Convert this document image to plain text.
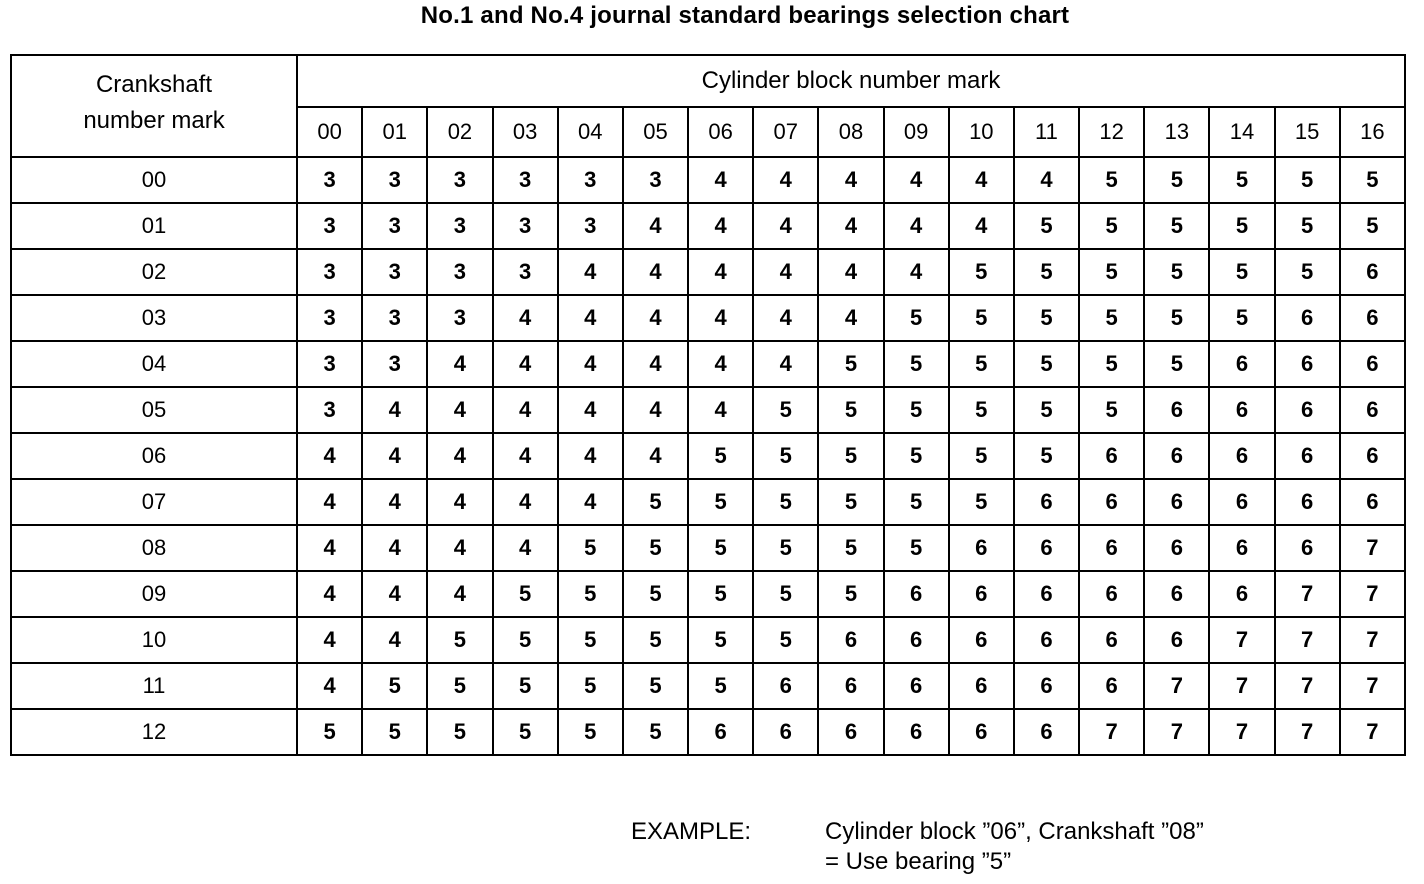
No.1 and No.4 journal standard bearings selection chart
Crankshaft
number mark	Cylinder block number mark																
	00	01	02	03	04	05	06	07	08	09	10	11	12	13	14	15	16
00	3	3	3	3	3	3	4	4	4	4	4	4	5	5	5	5	5
01	3	3	3	3	3	4	4	4	4	4	4	5	5	5	5	5	5
02	3	3	3	3	4	4	4	4	4	4	5	5	5	5	5	5	6
03	3	3	3	4	4	4	4	4	4	5	5	5	5	5	5	6	6
04	3	3	4	4	4	4	4	4	5	5	5	5	5	5	6	6	6
05	3	4	4	4	4	4	4	5	5	5	5	5	5	6	6	6	6
06	4	4	4	4	4	4	5	5	5	5	5	5	6	6	6	6	6
07	4	4	4	4	4	5	5	5	5	5	5	6	6	6	6	6	6
08	4	4	4	4	5	5	5	5	5	5	6	6	6	6	6	6	7
09	4	4	4	5	5	5	5	5	5	6	6	6	6	6	6	7	7
10	4	4	5	5	5	5	5	5	6	6	6	6	6	6	7	7	7
11	4	5	5	5	5	5	5	6	6	6	6	6	6	7	7	7	7
12	5	5	5	5	5	5	6	6	6	6	6	6	7	7	7	7	7
EXAMPLE:	Cylinder block ”06”, Crankshaft ”08”
= Use bearing ”5”
